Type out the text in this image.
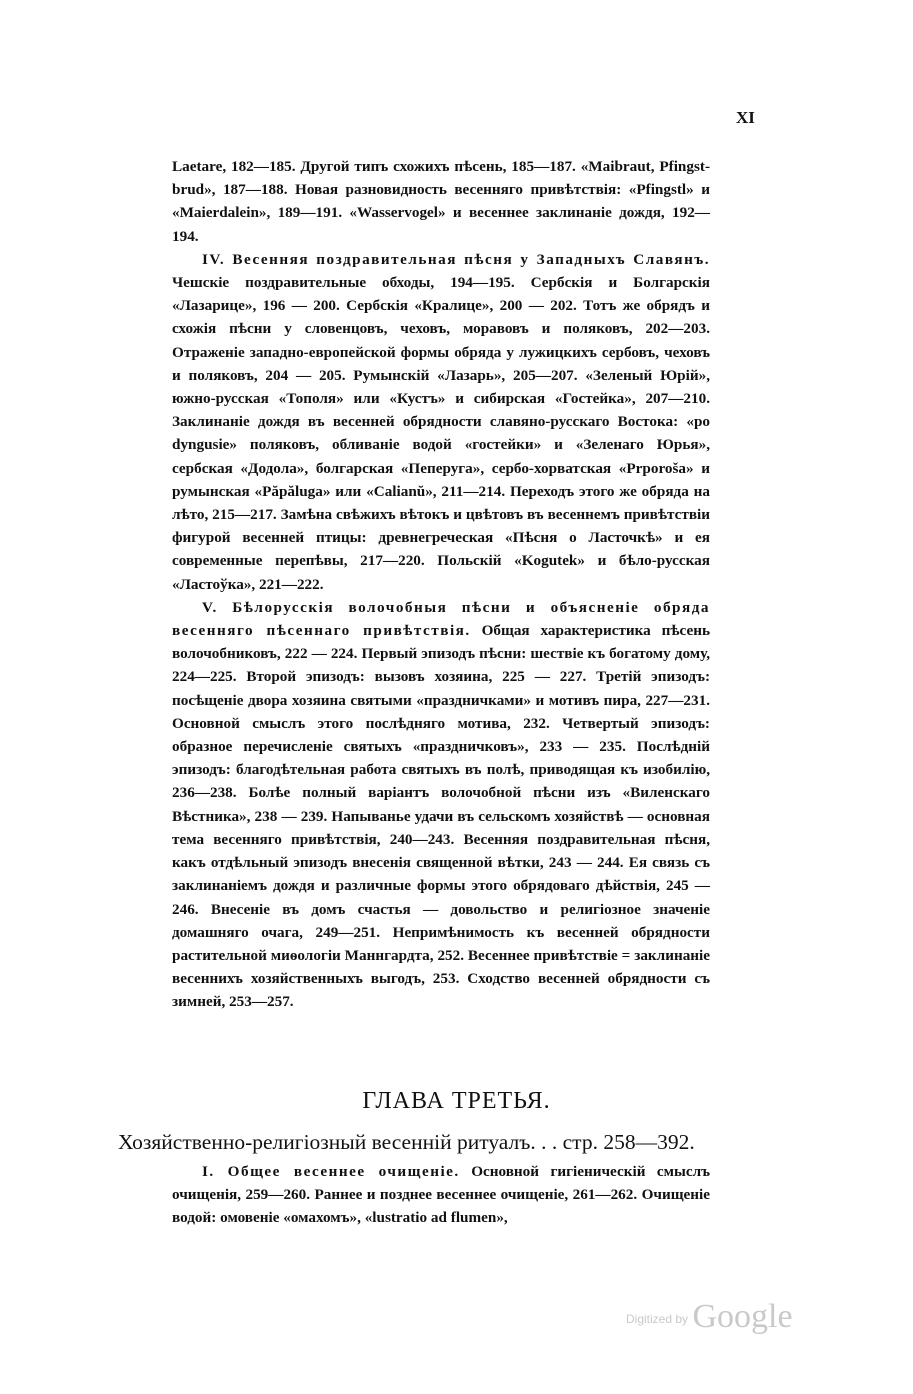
XI

Laetare, 182—185. Другой типъ схожихъ пѣсень, 185—187. «Maibraut, Pfingst-brud», 187—188. Новая разновидность весенняго привѣтствія: «Pfingstl» и «Maierdalein», 189—191. «Wasservogel» и весеннее заклинаніе дождя, 192—194.

IV. Весенняя поздравительная пѣсня у Западныхъ Славянъ. Чешскіе поздравительные обходы, 194—195. Сербскія и Болгарскія «Лазарице», 196 — 200. Сербскія «Кралице», 200 — 202. Тотъ же обрядъ и схожія пѣсни у словенцовъ, чеховъ, моравовъ и поляковъ, 202—203. Отраженіе западно-европейской формы обряда у лужицкихъ сербовъ, чеховъ и поляковъ, 204 — 205. Румынскій «Лазарь», 205—207. «Зеленый Юрій», южно-русская «Тополя» или «Кустъ» и сибирская «Гостейка», 207—210. Заклинаніе дождя въ весенней обрядности славяно-русскаго Востока: «po dyngusie» поляковъ, обливаніе водой «гостейки» и «Зеленаго Юрья», сербская «Додола», болгарская «Пеперуга», сербо-хорватская «Prporoša» и румынская «Păpăluga» или «Calianŭ», 211—214. Переходъ этого же обряда на лѣто, 215—217. Замѣна свѣжихъ вѣтокъ и цвѣтовъ въ весеннемъ привѣтствіи фигурой весенней птицы: древнегреческая «Пѣсня о Ласточкѣ» и ея современные перепѣвы, 217—220. Польскій «Kogutek» и бѣло-русская «Ластоўка», 221—222.

V. Бѣлорусскія волочобныя пѣсни и объясненіе обряда весенняго пѣсеннаго привѣтствія. Общая характеристика пѣсень волочобниковъ, 222 — 224. Первый эпизодъ пѣсни: шествіе къ богатому дому, 224—225. Второй эпизодъ: вызовъ хозяина, 225 — 227. Третій эпизодъ: посѣщеніе двора хозяина святыми «праздничками» и мотивъ пира, 227—231. Основной смыслъ этого послѣдняго мотива, 232. Четвертый эпизодъ: образное перечисленіе святыхъ «праздничковъ», 233 — 235. Послѣдній эпизодъ: благодѣтельная работа святыхъ въ полѣ, приводящая къ изобилію, 236—238. Болѣе полный варіантъ волочобной пѣсни изъ «Виленскаго Вѣстника», 238 — 239. Напыванье удачи въ сельскомъ хозяйствѣ — основная тема весенняго привѣтствія, 240—243. Весенняя поздравительная пѣсня, какъ отдѣльный эпизодъ внесенія священной вѣтки, 243 — 244. Ея связь съ заклинаніемъ дождя и различные формы этого обрядоваго дѣйствія, 245 — 246. Внесеніе въ домъ счастья — довольство и религіозное значеніе домашняго очага, 249—251. Непримѣнимость къ весенней обрядности растительной миѳологіи Маннгардта, 252. Весеннее привѣтствіе = заклинаніе весеннихъ хозяйственныхъ выгодъ, 253. Сходство весенней обрядности съ зимней, 253—257.

ГЛАВА ТРЕТЬЯ.
Хозяйственно-религіозный весенній ритуалъ. . . стр. 258—392.

I. Общее весеннее очищеніе. Основной гигіеническій смыслъ очищенія, 259—260. Раннее и позднее весеннее очищеніе, 261—262. Очищеніе водой: омовеніе «омахомъ», «lustratio ad flumen»,

$^{Digitized by}$ Google
